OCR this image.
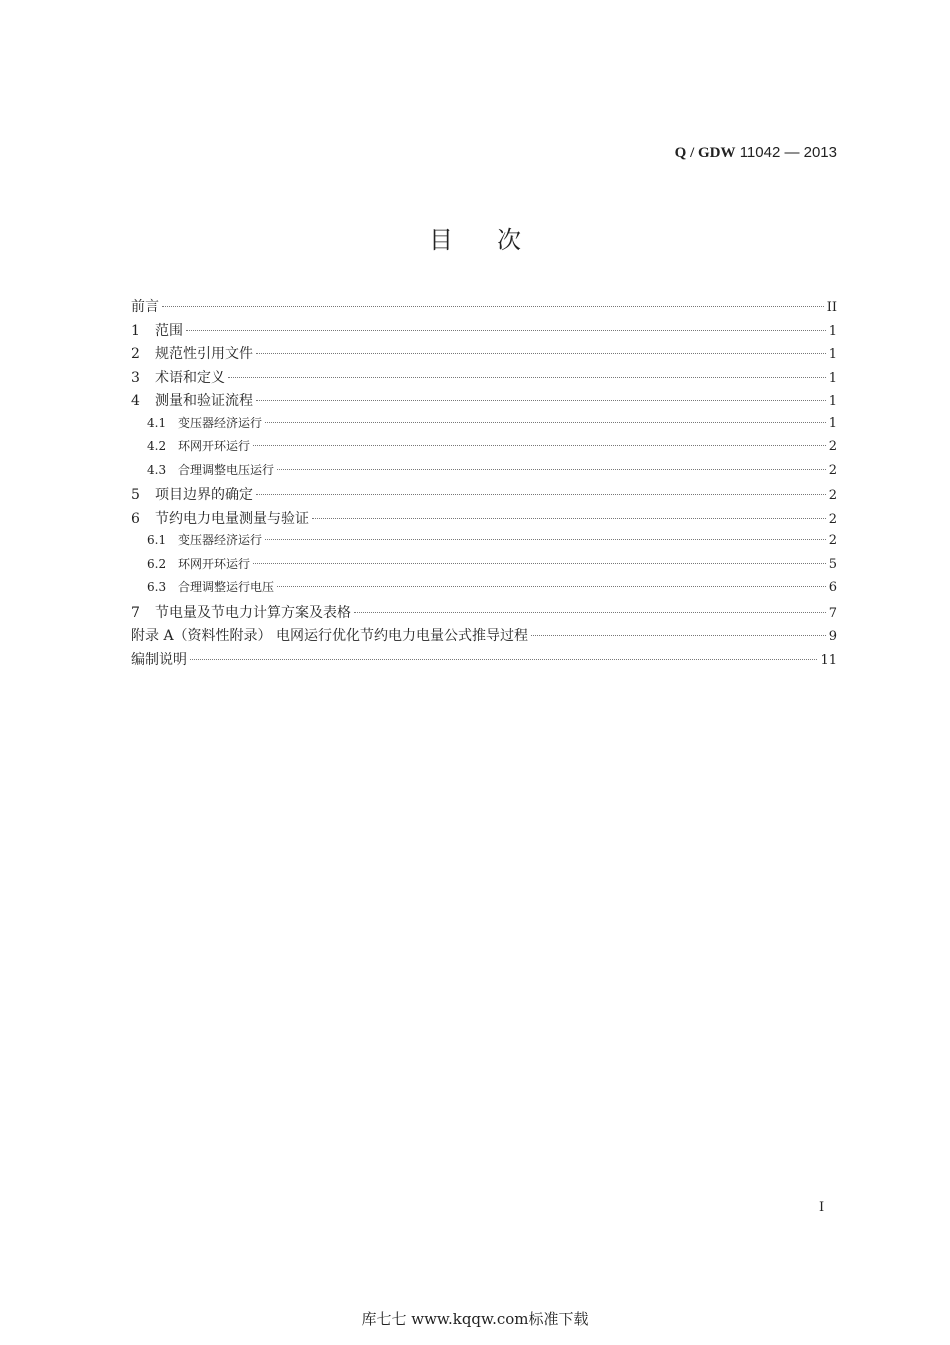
Q / GDW 11042 — 2013
目次
前言	II
1	范围	1
2	规范性引用文件	1
3	术语和定义	1
4	测量和验证流程	1
4.1 变压器经济运行	1
4.2 环网开环运行	2
4.3 合理调整电压运行	2
5	项目边界的确定	2
6	节约电力电量测量与验证	2
6.1 变压器经济运行	2
6.2 环网开环运行	5
6.3 合理调整运行电压	6
7	节电量及节电力计算方案及表格	7
附录 A（资料性附录） 电网运行优化节约电力电量公式推导过程	9
编制说明	11
I
库七七 www.kqqw.com标准下载
